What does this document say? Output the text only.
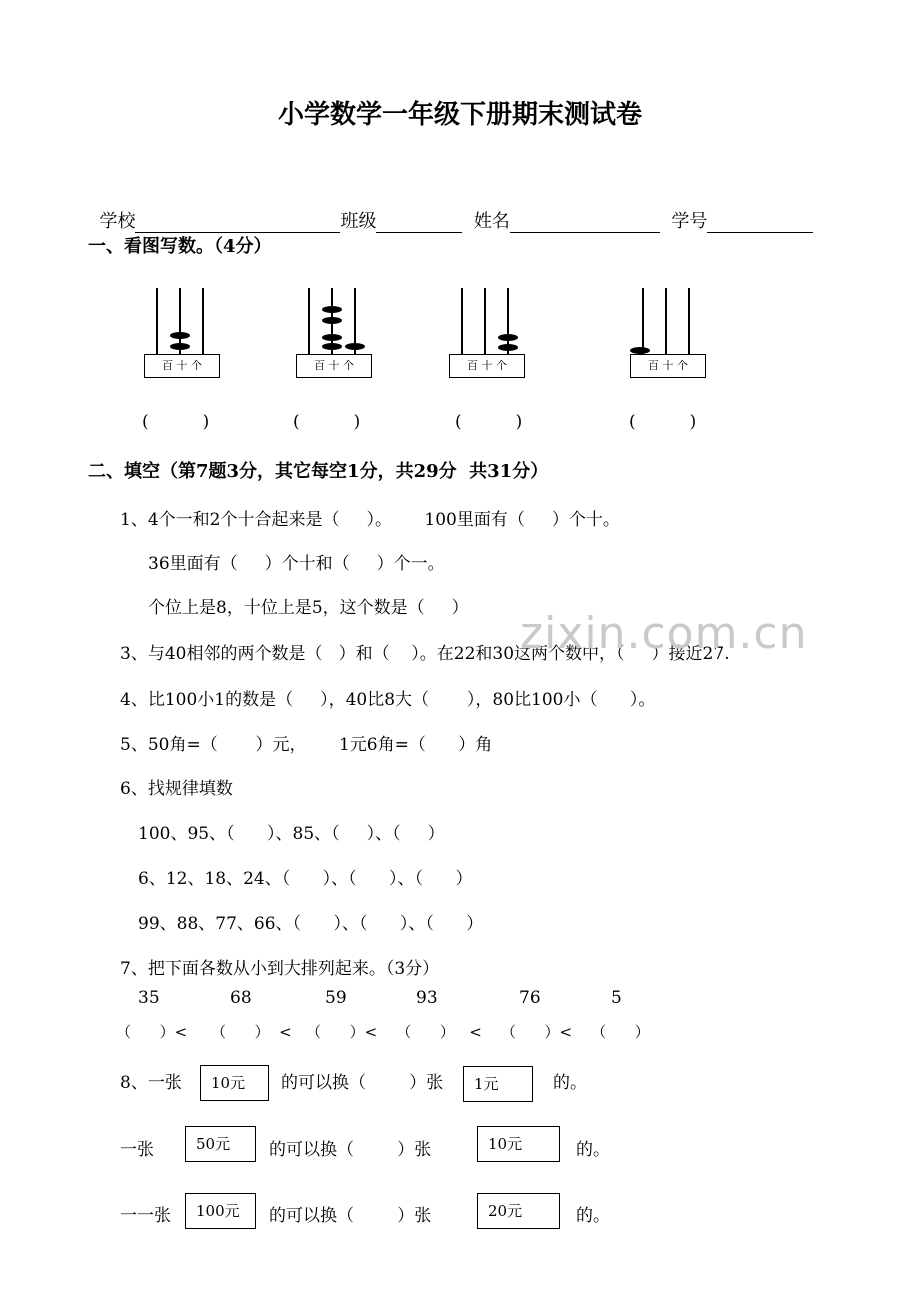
小学数学一年级下册期末测试卷

学校	班级	姓名	学号

一、看图写数。（4分）
百 十 个	百 十 个	百 十 个	百 十 个
(          )	(          )	(          )	(          )
二、填空（第7题3分，其它每空1分，共29分  共31分）
1、4个一和2个十合起来是（     ）。      100里面有（     ）个十。
36里面有（     ）个十和（     ）个一。
个位上是8，十位上是5，这个数是（     ）
3、与40相邻的两个数是（   ）和（    ）。在22和30这两个数中，（     ）接近27.
4、比100小1的数是（     ），40比8大（       ），80比100小（      ）。
5、50角=（       ）元，      1元6角=（      ）角
6、找规律填数
100、95、（      ）、85、（     ）、（     ）
6、12、18、24、（      ）、（      ）、（      ）
99、88、77、66、（      ）、（      ）、（      ）
7、把下面各数从小到大排列起来。（3分）
35	68	59	93	76	5
（      ）<     （      ）  <   （      ）<    （      ）   <    （      ）<    （      ）
8、一张	10元	的可以换（        ）张	1元	的。
一张	50元	的可以换（        ）张	10元	的。
一一张	100元	的可以换（        ）张	20元	的。
zixin.com.cn
